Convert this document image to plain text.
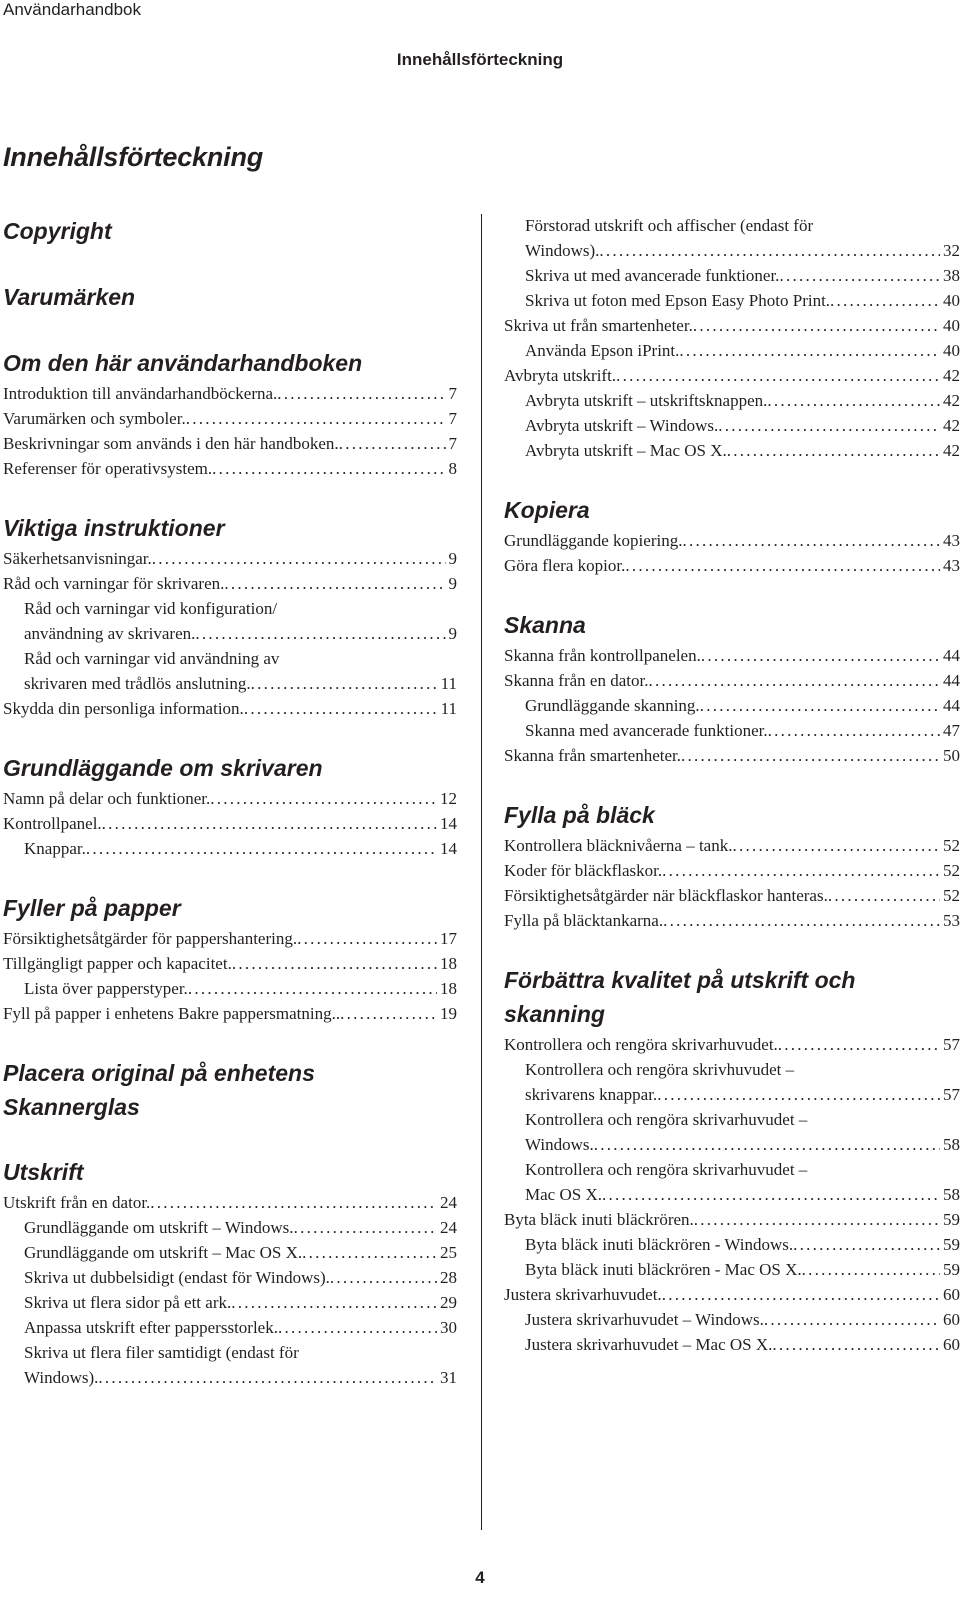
Användarhandbok
Innehållsförteckning
Innehållsförteckning
Copyright
Varumärken
Om den här användarhandboken
Introduktion till användarhandböckerna. . . .	7
Varumärken och symboler. . . .	7
Beskrivningar som används i den här handboken. . . .	7
Referenser för operativsystem. . . .	8
Viktiga instruktioner
Säkerhetsanvisningar. . . .	9
Råd och varningar för skrivaren. . . .	9
Råd och varningar vid konfiguration/
användning av skrivaren. . . .	9
Råd och varningar vid användning av
skrivaren med trådlös anslutning. . . .	11
Skydda din personliga information. . . .	11
Grundläggande om skrivaren
Namn på delar och funktioner. . . .	12
Kontrollpanel. . . .	14
Knappar. . . .	14
Fyller på papper
Försiktighetsåtgärder för pappershantering. . . .	17
Tillgängligt papper och kapacitet. . . .	18
Lista över papperstyper. . . .	18
Fyll på papper i enhetens Bakre pappersmatning.. . . .	19
Placera original på enhetens Skannerglas
Utskrift
Utskrift från en dator. . . .	24
Grundläggande om utskrift – Windows. . . .	24
Grundläggande om utskrift – Mac OS X. . . .	25
Skriva ut dubbelsidigt (endast för Windows). . . .	28
Skriva ut flera sidor på ett ark. . . .	29
Anpassa utskrift efter pappersstorlek. . . .	30
Skriva ut flera filer samtidigt (endast för
Windows). . . .	31
Förstorad utskrift och affischer (endast för
Windows). . . .	32
Skriva ut med avancerade funktioner. . . .	38
Skriva ut foton med Epson Easy Photo Print. . . .	40
Skriva ut från smartenheter. . . .	40
Använda Epson iPrint. . . .	40
Avbryta utskrift. . . .	42
Avbryta utskrift – utskriftsknappen. . . .	42
Avbryta utskrift – Windows. . . .	42
Avbryta utskrift – Mac OS X. . . .	42
Kopiera
Grundläggande kopiering. . . .	43
Göra flera kopior. . . .	43
Skanna
Skanna från kontrollpanelen. . . .	44
Skanna från en dator. . . .	44
Grundläggande skanning. . . .	44
Skanna med avancerade funktioner. . . .	47
Skanna från smartenheter. . . .	50
Fylla på bläck
Kontrollera bläcknivåerna – tank. . . .	52
Koder för bläckflaskor. . . .	52
Försiktighetsåtgärder när bläckflaskor hanteras. . . .	52
Fylla på bläcktankarna. . . .	53
Förbättra kvalitet på utskrift och skanning
Kontrollera och rengöra skrivarhuvudet. . . .	57
Kontrollera och rengöra skrivhuvudet –
skrivarens knappar. . . .	57
Kontrollera och rengöra skrivarhuvudet –
Windows. . . .	58
Kontrollera och rengöra skrivarhuvudet –
Mac OS X. . . .	58
Byta bläck inuti bläckrören. . . .	59
Byta bläck inuti bläckrören - Windows. . . .	59
Byta bläck inuti bläckrören - Mac OS X. . . .	59
Justera skrivarhuvudet. . . .	60
Justera skrivarhuvudet – Windows. . . .	60
Justera skrivarhuvudet – Mac OS X. . . .	60
4
